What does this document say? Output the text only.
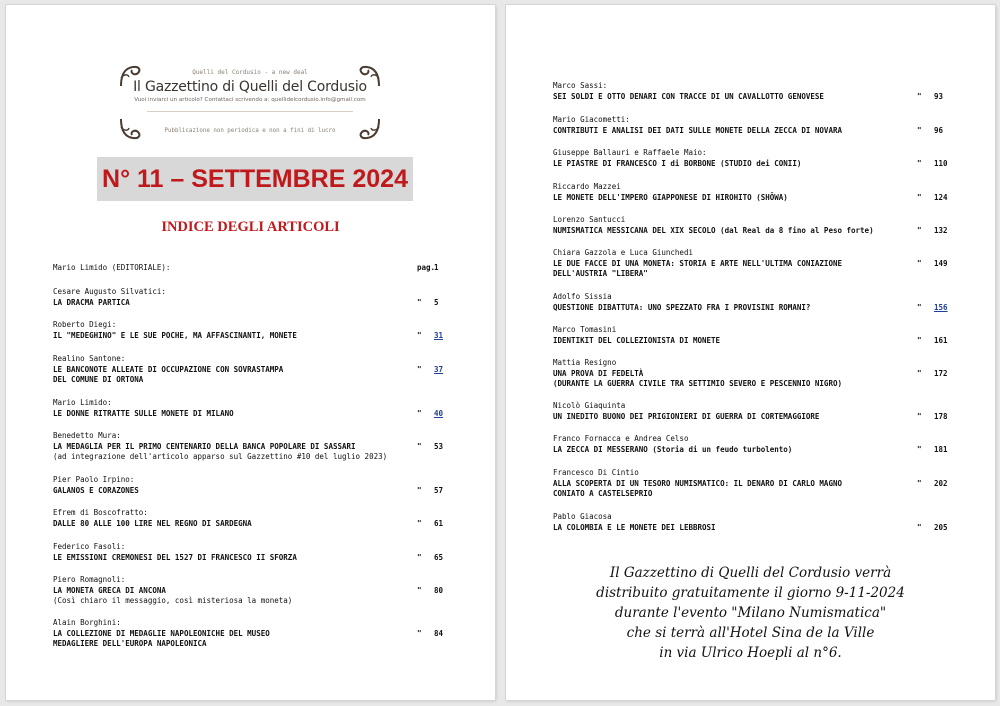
Quelli del Cordusio - a new deal
Il Gazzettino di Quelli del Cordusio
Vuoi inviarci un articolo? Contattaci scrivendo a: quellidelcordusio.info@gmail.com
Pubblicazione non periodica e non a fini di lucro
N° 11 – SETTEMBRE 2024
INDICE DEGLI ARTICOLI
Mario Limido (EDITORIALE):	pag.
1
Cesare Augusto Silvatici:
LA DRACMA PARTICA	" 5
Roberto Diegi:
IL "MEDEGHINO" E LE SUE POCHE, MA AFFASCINANTI, MONETE	" 31
Realino Santone:
LE BANCONOTE ALLEATE DI OCCUPAZIONE CON SOVRASTAMPA
DEL COMUNE DI ORTONA
" 37
Mario Limido:
LE DONNE RITRATTE SULLE MONETE DI MILANO	" 40
Benedetto Mura:
LA MEDAGLIA PER IL PRIMO CENTENARIO DELLA BANCA POPOLARE DI SASSARI
(ad integrazione dell'articolo apparso sul Gazzettino #10 del luglio 2023)
" 53
Pier Paolo Irpino:
GALANOS E CORAZONES	" 57
Efrem di Boscofratto:
DALLE 80 ALLE 100 LIRE NEL REGNO DI SARDEGNA	" 61
Federico Fasoli:
LE EMISSIONI CREMONESI DEL 1527 DI FRANCESCO II SFORZA	" 65
Piero Romagnoli:
LA MONETA GRECA DI ANCONA
(Così chiaro il messaggio, così misteriosa la moneta)
" 80
Alain Borghini:
LA COLLEZIONE DI MEDAGLIE NAPOLEONICHE DEL MUSEO
MEDAGLIERE DELL'EUROPA NAPOLEONICA
" 84
Marco Sassi:
SEI SOLDI E OTTO DENARI CON TRACCE DI UN CAVALLOTTO GENOVESE	" 93
Mario Giacometti:
CONTRIBUTI E ANALISI DEI DATI SULLE MONETE DELLA ZECCA DI NOVARA	" 96
Giuseppe Ballauri e Raffaele Maio:
LE PIASTRE DI FRANCESCO I di BORBONE (STUDIO dei CONII)	" 110
Riccardo Mazzei
LE MONETE DELL'IMPERO GIAPPONESE DI HIROHITO (SHŌWA)	" 124
Lorenzo Santucci
NUMISMATICA MESSICANA DEL XIX SECOLO (dal Real da 8 fino al Peso forte)	" 132
Chiara Gazzola e Luca Giunchedi
LE DUE FACCE DI UNA MONETA: STORIA E ARTE NELL'ULTIMA CONIAZIONE
DELL'AUSTRIA "LIBERA"
" 149
Adolfo Sissia
QUESTIONE DIBATTUTA: UNO SPEZZATO FRA I PROVISINI ROMANI?	" 156
Marco Tomasini
IDENTIKIT DEL COLLEZIONISTA DI MONETE	" 161
Mattia Resigno
UNA PROVA DI FEDELTÀ
(DURANTE LA GUERRA CIVILE TRA SETTIMIO SEVERO E PESCENNIO NIGRO)
" 172
Nicolò Giaquinta
UN INEDITO BUONO DEI PRIGIONIERI DI GUERRA DI CORTEMAGGIORE	" 178
Franco Fornacca e Andrea Celso
LA ZECCA DI MESSERANO (Storia di un feudo turbolento)	" 181
Francesco Di Cintio
ALLA SCOPERTA DI UN TESORO NUMISMATICO: IL DENARO DI CARLO MAGNO
CONIATO A CASTELSEPRIO
" 202
Pablo Giacosa
LA COLOMBIA E LE MONETE DEI LEBBROSI	" 205
Il Gazzettino di Quelli del Cordusio verrà
distribuito gratuitamente il giorno 9-11-2024
durante l'evento "Milano Numismatica"
che si terrà all'Hotel Sina de la Ville
in via Ulrico Hoepli al n°6.
